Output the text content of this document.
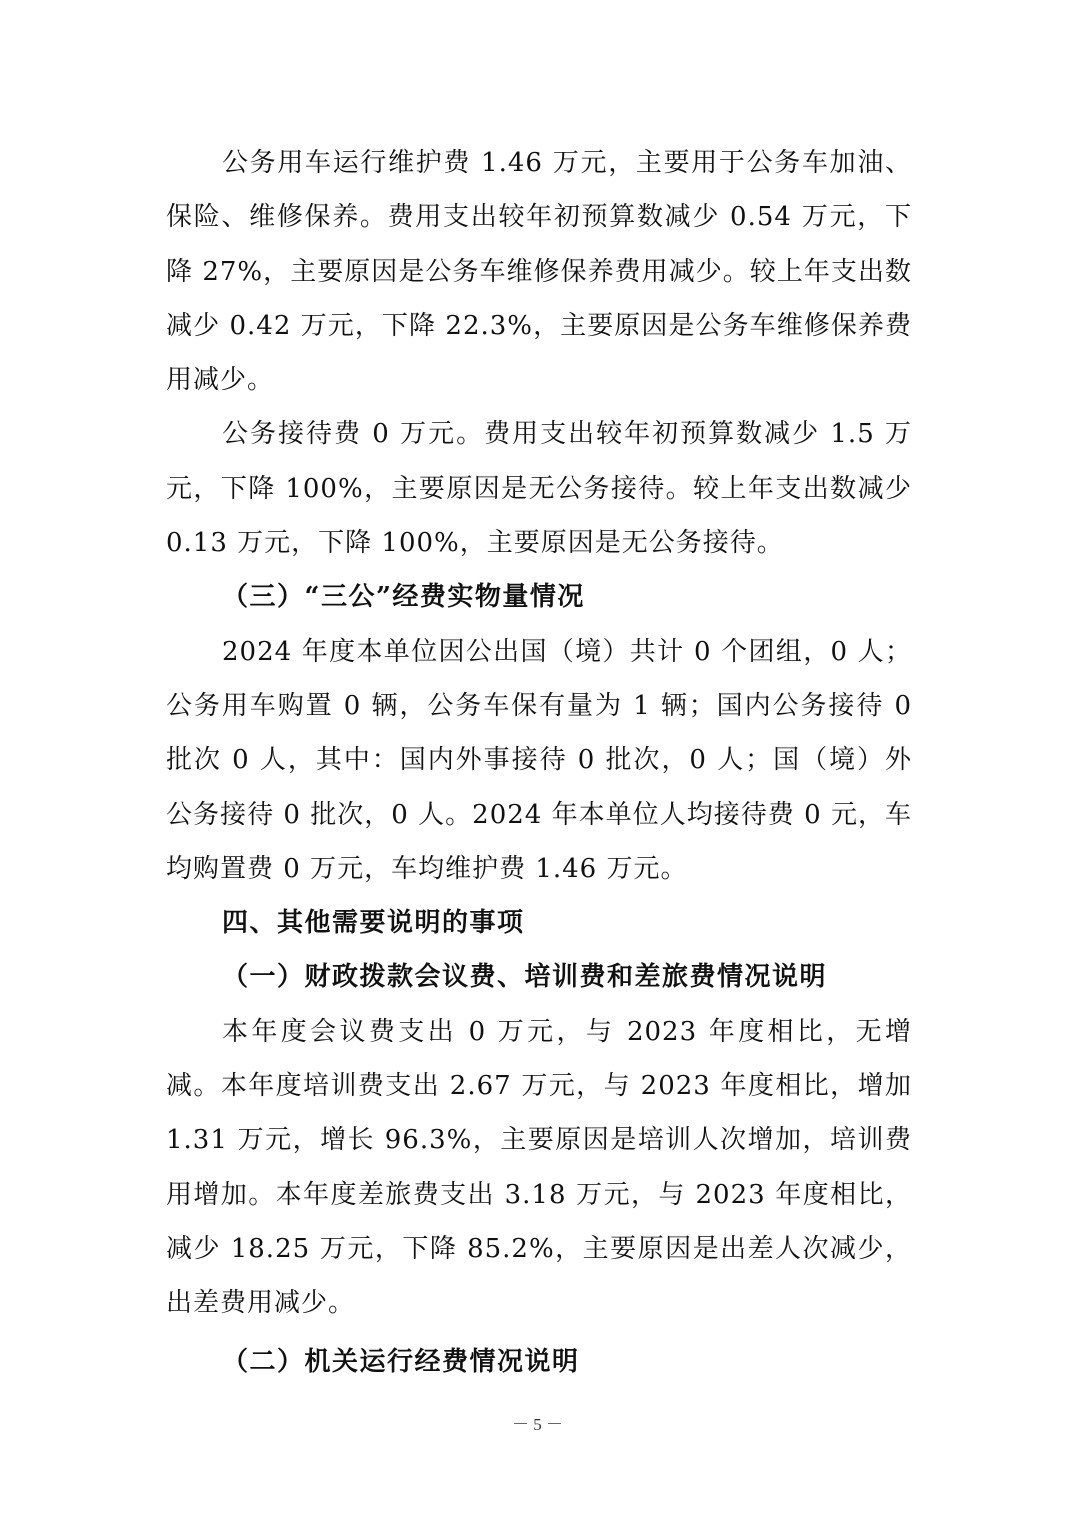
公务用车运行维护费 1.46 万元，主要用于公务车加油、保险、维修保养。费用支出较年初预算数减少 0.54 万元，下降 27%，主要原因是公务车维修保养费用减少。较上年支出数减少 0.42 万元，下降 22.3%，主要原因是公务车维修保养费用减少。

公务接待费 0 万元。费用支出较年初预算数减少 1.5 万元，下降 100%，主要原因是无公务接待。较上年支出数减少 0.13 万元，下降 100%，主要原因是无公务接待。

（三）“三公”经费实物量情况

2024 年度本单位因公出国（境）共计 0 个团组，0 人；公务用车购置 0 辆，公务车保有量为 1 辆；国内公务接待 0 批次 0 人，其中：国内外事接待 0 批次，0 人；国（境）外公务接待 0 批次，0 人。2024 年本单位人均接待费 0 元，车均购置费 0 万元，车均维护费 1.46 万元。

四、其他需要说明的事项

（一）财政拨款会议费、培训费和差旅费情况说明

本年度会议费支出 0 万元，与 2023 年度相比，无增减。本年度培训费支出 2.67 万元，与 2023 年度相比，增加 1.31 万元，增长 96.3%，主要原因是培训人次增加，培训费用增加。本年度差旅费支出 3.18 万元，与 2023 年度相比，减少 18.25 万元，下降 85.2%，主要原因是出差人次减少，出差费用减少。

（二）机关运行经费情况说明

－ 5 －
